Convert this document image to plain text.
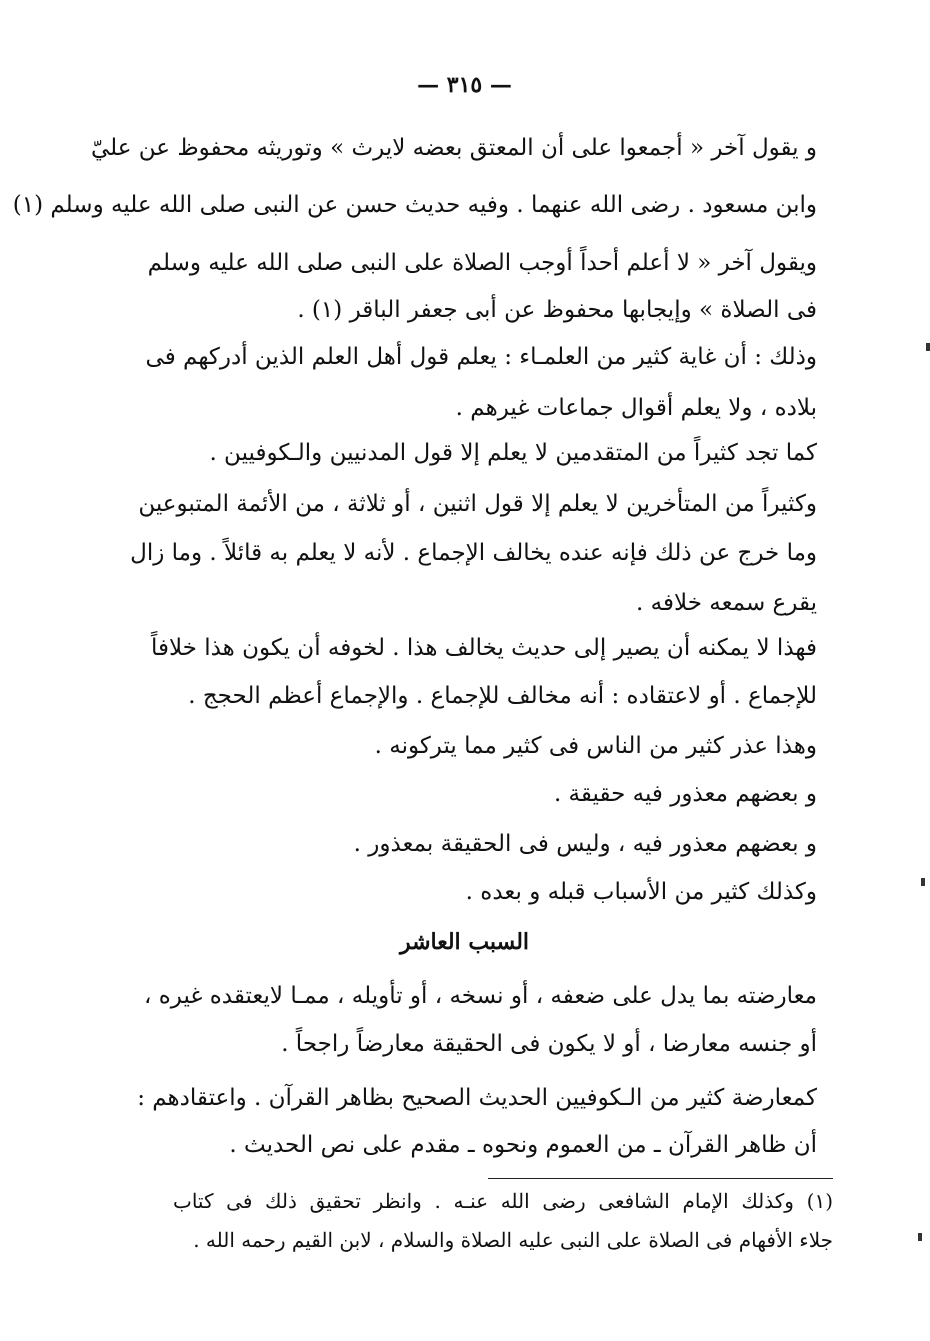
— ٣١٥ —
و يقول آخر « أجمعوا على أن المعتق بعضه لايرث » وتوريثه محفوظ عن عليّ
وابن مسعود . رضى الله عنهما . وفيه حديث حسن عن النبى صلى الله عليه وسلم (١)
ويقول آخر « لا أعلم أحداً أوجب الصلاة على النبى صلى الله عليه وسلم
فى الصلاة » وإيجابها محفوظ عن أبى جعفر الباقر (١) .
وذلك : أن غاية كثير من العلمـاء : يعلم قول أهل العلم الذين أدركهم فى
بلاده ، ولا يعلم أقوال جماعات غيرهم .
كما تجد كثيراً من المتقدمين لا يعلم إلا قول المدنيين والـكوفيين .
وكثيراً من المتأخرين لا يعلم إلا قول اثنين ، أو ثلاثة ، من الأئمة المتبوعين
وما خرج عن ذلك فإنه عنده يخالف الإجماع . لأنه لا يعلم به قائلاً . وما زال
يقرع سمعه خلافه .
فهذا لا يمكنه أن يصير إلى حديث يخالف هذا . لخوفه أن يكون هذا خلافاً
للإجماع . أو لاعتقاده : أنه مخالف للإجماع . والإجماع أعظم الحجج .
وهذا عذر كثير من الناس فى كثير مما يتركونه .
و بعضهم معذور فيه حقيقة .
و بعضهم معذور فيه ، وليس فى الحقيقة بمعذور .
وكذلك كثير من الأسباب قبله و بعده .
السبب العاشر
معارضته بما يدل على ضعفه ، أو نسخه ، أو تأويله ، ممـا لايعتقده غيره ،
أو جنسه معارضا ، أو لا يكون فى الحقيقة معارضاً راجحاً .
كمعارضة كثير من الـكوفيين الحديث الصحيح بظاهر القرآن . واعتقادهم :
أن ظاهر القرآن ـ من العموم ونحوه ـ مقدم على نص الحديث .
(١) وكذلك الإمام الشافعى رضى الله عنـه . وانظر تحقيق ذلك فى كتاب
جلاء الأفهام فى الصلاة على النبى عليه الصلاة والسلام ، لابن القيم رحمه الله .
